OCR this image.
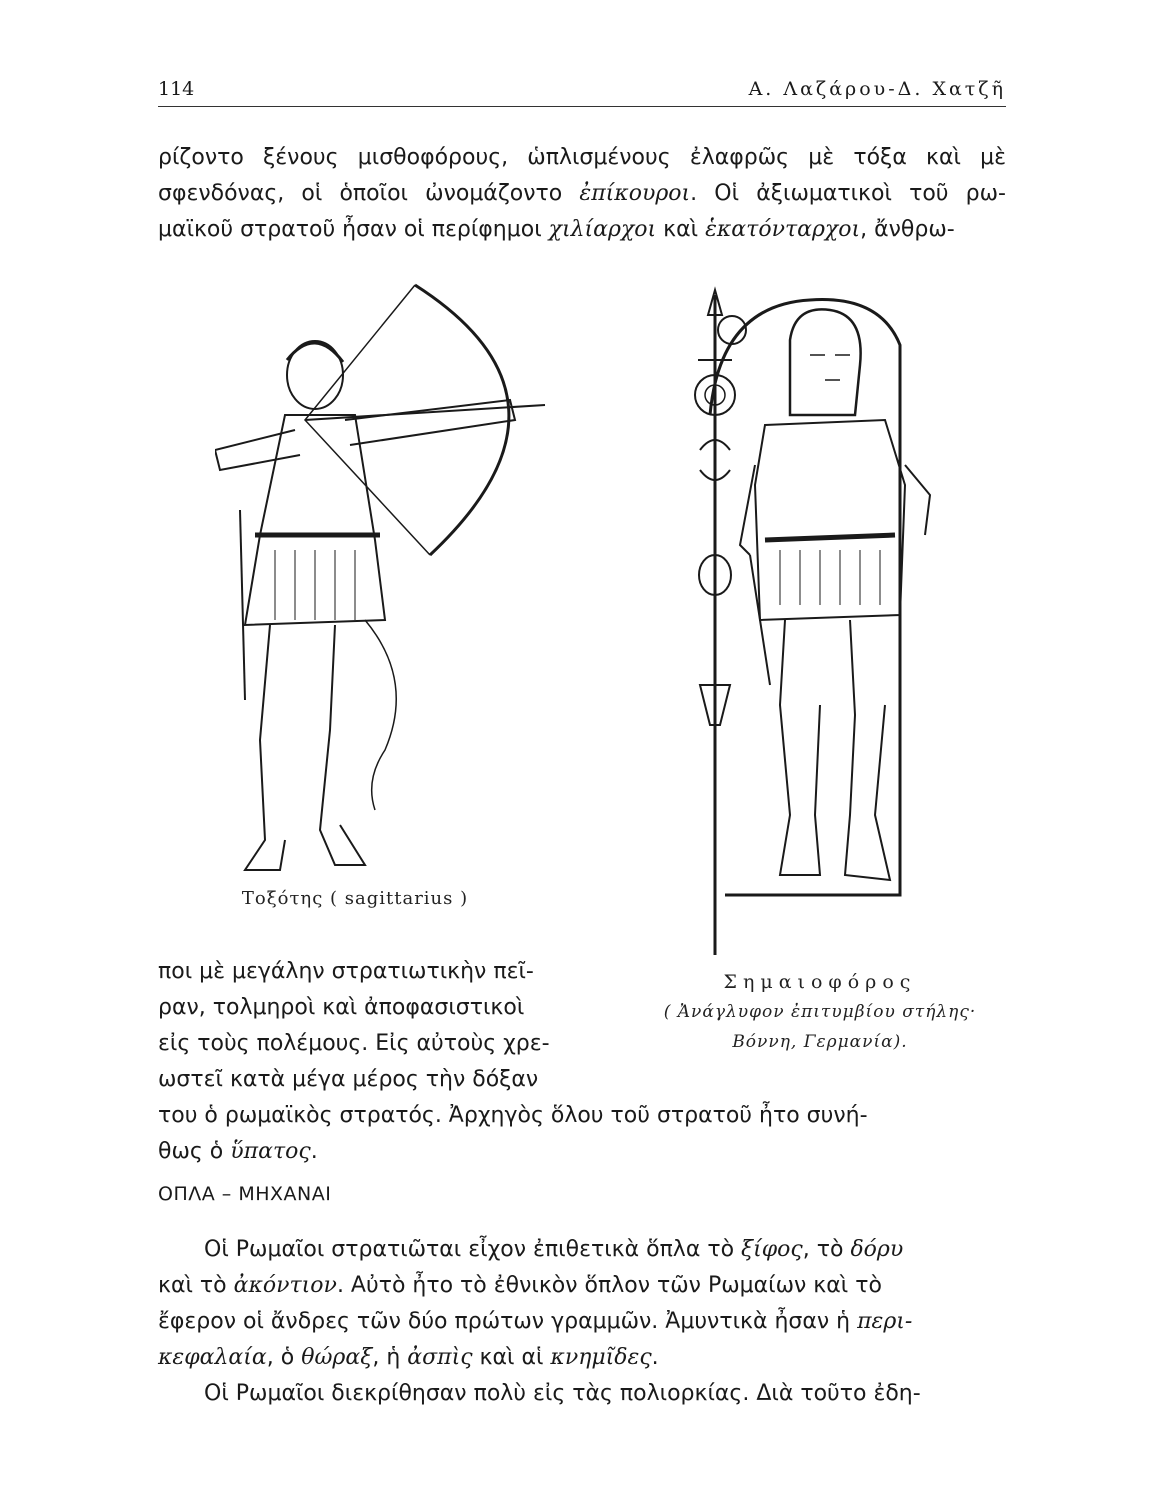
114	Α. Λαζάρου-Δ. Χατζῆ
ρίζοντο ξένους μισθοφόρους, ὡπλισμένους ἐλαφρῶς μὲ τόξα καὶ μὲ
σφενδόνας, οἱ ὁποῖοι ὠνομάζοντο ἐπίκουροι. Οἱ ἀξιωματικοὶ τοῦ ρω-
μαϊκοῦ στρατοῦ ἦσαν οἱ περίφημοι χιλίαρχοι καὶ ἑκατόνταρχοι, ἄνθρω-
Τοξότης ( sagittarius )
Σημαιοφόρος
( Ἀνάγλυφον ἐπιτυμβίου στήλης·
Βόννη, Γερμανία).
ποι μὲ μεγάλην στρατιωτικὴν πεῖ-
ραν, τολμηροὶ καὶ ἀποφασιστικοὶ
εἰς τοὺς πολέμους. Εἰς αὐτοὺς χρε-
ωστεῖ κατὰ μέγα μέρος τὴν δόξαν
του ὁ ρωμαϊκὸς στρατός. Ἀρχηγὸς ὅλου τοῦ στρατοῦ ἦτο συνή-
θως ὁ ὕπατος.
ΟΠΛΑ – ΜΗΧΑΝΑΙ
Οἱ Ρωμαῖοι στρατιῶται εἶχον ἐπιθετικὰ ὅπλα τὸ ξίφος, τὸ δόρυ
καὶ τὸ ἀκόντιον. Αὐτὸ ἦτο τὸ ἐθνικὸν ὅπλον τῶν Ρωμαίων καὶ τὸ
ἔφερον οἱ ἄνδρες τῶν δύο πρώτων γραμμῶν. Ἀμυντικὰ ἦσαν ἡ περι-
κεφαλαία, ὁ θώραξ, ἡ ἀσπὶς καὶ αἱ κνημῖδες.
Οἱ Ρωμαῖοι διεκρίθησαν πολὺ εἰς τὰς πολιορκίας. Διὰ τοῦτο ἐδη-
